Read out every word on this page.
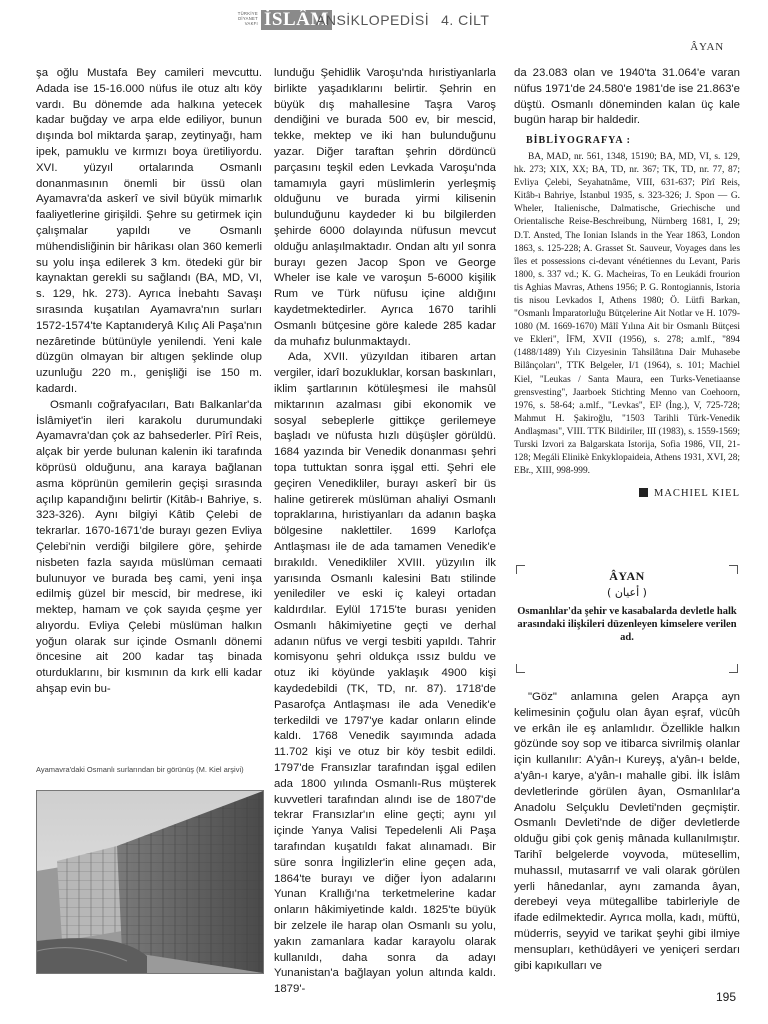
TÜRKİYE
DİYANET
VAKFI İSLÂM
ANSİKLOPEDİSİ 4. CİLT
ÂYAN

şa oğlu Mustafa Bey camileri mevcuttu. Adada ise 15-16.000 nüfus ile otuz altı köy vardı. Bu dönemde ada halkına yetecek kadar buğday ve arpa elde ediliyor, bunun dışında bol miktarda şarap, zeytinyağı, ham ipek, pamuklu ve kırmızı boya üretiliyordu. XVI. yüzyıl ortalarında Osmanlı donanmasının önemli bir üssü olan Ayamavra'da askerî ve sivil büyük mimarlık faaliyetlerine girişildi. Şehre su getirmek için çalışmalar yapıldı ve Osmanlı mühendisliğinin bir hârikası olan 360 kemerli su yolu inşa edilerek 3 km. ötedeki gür bir kaynaktan gerekli su sağlandı (BA, MD, VI, s. 129, hk. 273). Ayrıca İnebahtı Savaşı sırasında kuşatılan Ayamavra'nın surları 1572-1574'te Kaptanıderyâ Kılıç Ali Paşa'nın nezâretinde bütünüyle yenilendi. Yeni kale düzgün olmayan bir altıgen şeklinde olup uzunluğu 220 m., genişliği ise 150 m. kadardı.

Osmanlı coğrafyacıları, Batı Balkanlar'da İslâmiyet'in ileri karakolu durumundaki Ayamavra'dan çok az bahsederler. Pîrî Reis, alçak bir yerde bulunan kalenin iki tarafında köprüsü olduğunu, ana karaya bağlanan asma köprünün gemilerin geçişi sırasında açılıp kapandığını belirtir (Kitâb-ı Bahriye, s. 323-326). Aynı bilgiyi Kâtib Çelebi de tekrarlar. 1670-1671'de burayı gezen Evliya Çelebi'nin verdiği bilgilere göre, şehirde nisbeten fazla sayıda müslüman cemaati bulunuyor ve burada beş cami, yeni inşa edilmiş güzel bir mescid, bir medrese, iki mektep, hamam ve çok sayıda çeşme yer alıyordu. Evliya Çelebi müslüman halkın yoğun olarak sur içinde Osmanlı dönemi öncesine ait 200 kadar taş binada oturduklarını, bir kısmının da kırk elli kadar ahşap evin bu-

Ayamavra'daki Osmanlı surlarından bir görünüş (M. Kiel arşivi)

lunduğu Şehidlik Varoşu'nda hıristiyanlarla birlikte yaşadıklarını belirtir. Şehrin en büyük dış mahallesine Taşra Varoş dendiğini ve burada 500 ev, bir mescid, tekke, mektep ve iki han bulunduğunu yazar. Diğer taraftan şehrin dördüncü parçasını teşkil eden Levkada Varoşu'nda tamamıyla gayri müslimlerin yerleşmiş olduğunu ve burada yirmi kilisenin bulunduğunu kaydeder ki bu bilgilerden şehirde 6000 dolayında nüfusun mevcut olduğu anlaşılmaktadır. Ondan altı yıl sonra burayı gezen Jacop Spon ve George Wheler ise kale ve varoşun 5-6000 kişilik Rum ve Türk nüfusu içine aldığını kaydetmektedirler. Ayrıca 1670 tarihli Osmanlı bütçesine göre kalede 285 kadar da muhafız bulunmaktaydı.

Ada, XVII. yüzyıldan itibaren artan vergiler, idarî bozukluklar, korsan baskınları, iklim şartlarının kötüleşmesi ile mahsûl miktarının azalması gibi ekonomik ve sosyal sebeplerle gittikçe gerilemeye başladı ve nüfusta hızlı düşüşler görüldü. 1684 yazında bir Venedik donanması şehri topa tuttuktan sonra işgal etti. Şehri ele geçiren Venedikliler, burayı askerî bir üs haline getirerek müslüman ahaliyi Osmanlı topraklarına, hıristiyanları da adanın başka bölgesine naklettiler. 1699 Karlofça Antlaşması ile de ada tamamen Venedik'e bırakıldı. Venedikliler XVIII. yüzyılın ilk yarısında Osmanlı kalesini Batı stilinde yenilediler ve eski iç kaleyi ortadan kaldırdılar. Eylül 1715'te burası yeniden Osmanlı hâkimiyetine geçti ve derhal adanın nüfus ve vergi tesbiti yapıldı. Tahrir komisyonu şehri oldukça ıssız buldu ve otuz iki köyünde yaklaşık 4900 kişi kaydedebildi (TK, TD, nr. 87). 1718'de Pasarofça Antlaşması ile ada Venedik'e terkedildi ve 1797'ye kadar onların elinde kaldı. 1768 Venedik sayımında adada 11.702 kişi ve otuz bir köy tesbit edildi. 1797'de Fransızlar tarafından işgal edilen ada 1800 yılında Osmanlı-Rus müşterek kuvvetleri tarafından alındı ise de 1807'de tekrar Fransızlar'ın eline geçti; aynı yıl içinde Yanya Valisi Tepedelenli Ali Paşa tarafından kuşatıldı fakat alınamadı. Bir süre sonra İngilizler'in eline geçen ada, 1864'te burayı ve diğer İyon adalarını Yunan Krallığı'na terketmelerine kadar onların hâkimiyetinde kaldı. 1825'te büyük bir zelzele ile harap olan Osmanlı su yolu, yakın zamanlara kadar karayolu olarak kullanıldı, daha sonra da adayı Yunanistan'a bağlayan yolun altında kaldı. 1879'-

da 23.083 olan ve 1940'ta 31.064'e varan nüfus 1971'de 24.580'e 1981'de ise 21.863'e düştü. Osmanlı döneminden kalan üç kale bugün harap bir haldedir.

BİBLİYOGRAFYA :

BA, MAD, nr. 561, 1348, 15190; BA, MD, VI, s. 129, hk. 273; XIX, XX; BA, TD, nr. 367; TK, TD, nr. 77, 87; Evliya Çelebi, Seyahatnâme, VIII, 631-637; Pîrî Reis, Kitâb-ı Bahriye, İstanbul 1935, s. 323-326; J. Spon — G. Wheler, Italienische, Dalmatische, Griechische und Orientalische Reise-Beschreibung, Nürnberg 1681, I, 29; D.T. Ansted, The Ionian Islands in the Year 1863, London 1863, s. 125-228; A. Grasset St. Sauveur, Voyages dans les îles et possessions ci-devant vénétiennes du Levant, Paris 1800, s. 337 vd.; K. G. Macheiras, To en Leukádi frourion tis Aghias Mavras, Athens 1956; P. G. Rontogiannis, Istoria tis nisou Levkados I, Athens 1980; Ö. Lütfi Barkan, "Osmanlı İmparatorluğu Bütçelerine Ait Notlar ve H. 1079-1080 (M. 1669-1670) Mâlî Yılına Ait bir Osmanlı Bütçesi ve Ekleri", İFM, XVII (1956), s. 278; a.mlf., "894 (1488/1489) Yılı Cizyesinin Tahsilâtına Dair Muhasebe Bilânçoları", TTK Belgeler, I/1 (1964), s. 101; Machiel Kiel, "Leukas / Santa Maura, een Turks-Venetiaanse grensvesting", Jaarboek Stichting Menno van Coehoorn, 1976, s. 58-64; a.mlf., "Levkas", EI² (İng.), V, 725-728; Mahmut H. Şakiroğlu, "1503 Tarihli Türk-Venedik Andlaşması", VIII. TTK Bildiriler, III (1983), s. 1559-1569; Turski Izvori za Balgarskata Istorija, Sofia 1986, VII, 21-128; Megáli Elinikè Enkyklopaideia, Athens 1931, XVI, 28; EBr., XIII, 998-999.

MACHIEL KIEL
ÂYAN
( أعيان )
Osmanlılar'da şehir ve kasabalarda devletle halk arasındaki ilişkileri düzenleyen kimselere verilen ad.

"Göz" anlamına gelen Arapça ayn kelimesinin çoğulu olan âyan eşraf, vücûh ve erkân ile eş anlamlıdır. Özellikle halkın gözünde soy sop ve itibarca sivrilmiş olanlar için kullanılır: A'yân-ı Kureyş, a'yân-ı belde, a'yân-ı karye, a'yân-ı mahalle gibi. İlk İslâm devletlerinde görülen âyan, Osmanlılar'a Anadolu Selçuklu Devleti'nden geçmiştir. Osmanlı Devleti'nde de diğer devletlerde olduğu gibi çok geniş mânada kullanılmıştır. Tarihî belgelerde voyvoda, mütesellim, muhassıl, mutasarrıf ve vali olarak görülen yerli hânedanlar, aynı zamanda âyan, derebeyi veya mütegallibe tabirleriyle de ifade edilmektedir. Ayrıca molla, kadı, müftü, müderris, seyyid ve tarikat şeyhi gibi ilmiye mensupları, kethüdâyeri ve yeniçeri serdarı gibi kapıkulları ve

195
